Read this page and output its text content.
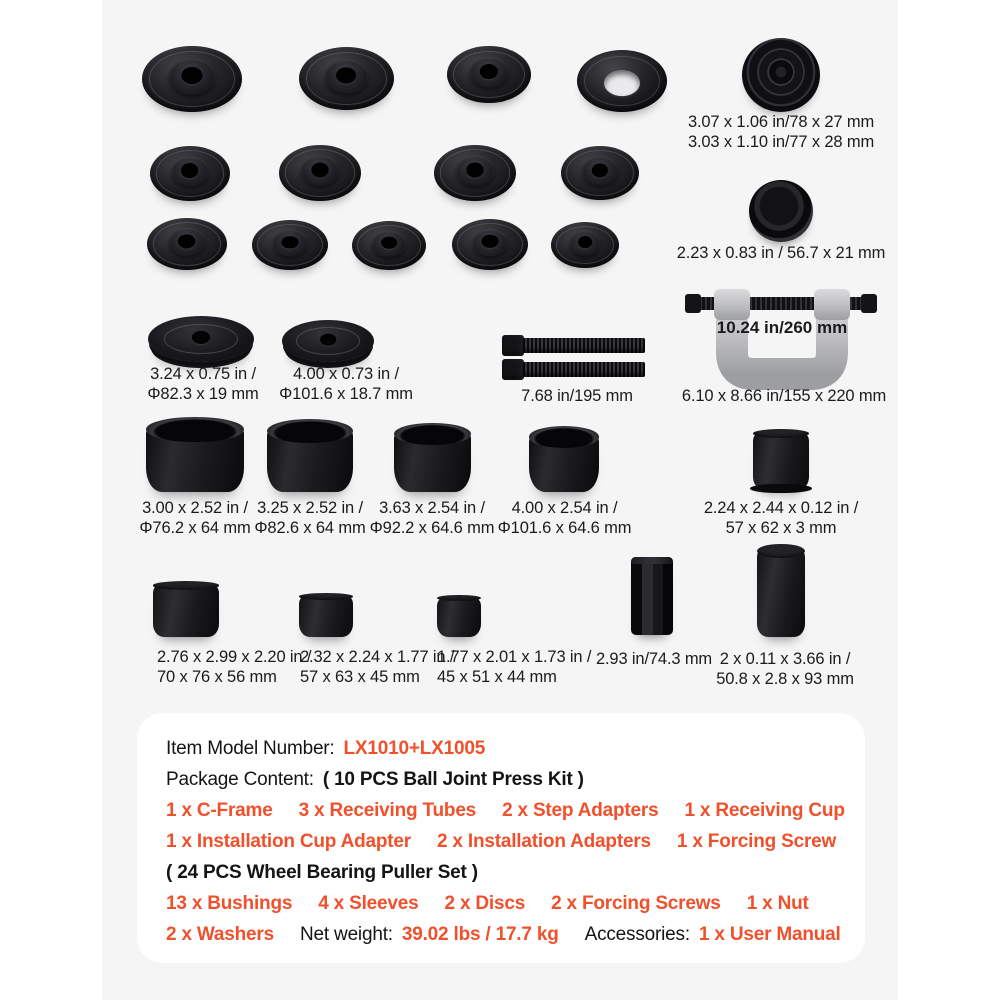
3.07 x 1.06 in/78 x 27 mm
3.03 x 1.10 in/77 x 28 mm
2.23 x 0.83 in / 56.7 x 21 mm
3.24 x 0.75 in /
Φ82.3 x 19 mm
4.00 x 0.73 in /
Φ101.6 x 18.7 mm	7.68 in/195 mm
10.24 in/260 mm
6.10 x 8.66 in/155 x 220 mm
3.00 x 2.52 in /
Φ76.2 x 64 mm
3.25 x 2.52 in /
Φ82.6 x 64 mm
3.63 x 2.54 in /
Φ92.2 x 64.6 mm
4.00 x 2.54 in /
Φ101.6 x 64.6 mm
2.24 x 2.44 x 0.12 in /
57 x 62 x 3 mm
2.76 x 2.99 x 2.20 in /
70 x 76 x 56 mm
2.32 x 2.24 x 1.77 in /
57 x 63 x 45 mm
1.77 x 2.01 x 1.73 in /
45 x 51 x 44 mm
2.93 in/74.3 mm 2 x 0.11 x 3.66 in /
50.8 x 2.8 x 93 mm
Item Model Number: LX1010+LX1005
Package Content: ( 10 PCS Ball Joint Press Kit )
1 x C-Frame 3 x Receiving Tubes 2 x Step Adapters 1 x Receiving Cup
1 x Installation Cup Adapter 2 x Installation Adapters 1 x Forcing Screw
( 24 PCS Wheel Bearing Puller Set )
13 x Bushings 4 x Sleeves 2 x Discs 2 x Forcing Screws 1 x Nut
2 x Washers Net weight: 39.02 lbs / 17.7 kg Accessories: 1 x User Manual
